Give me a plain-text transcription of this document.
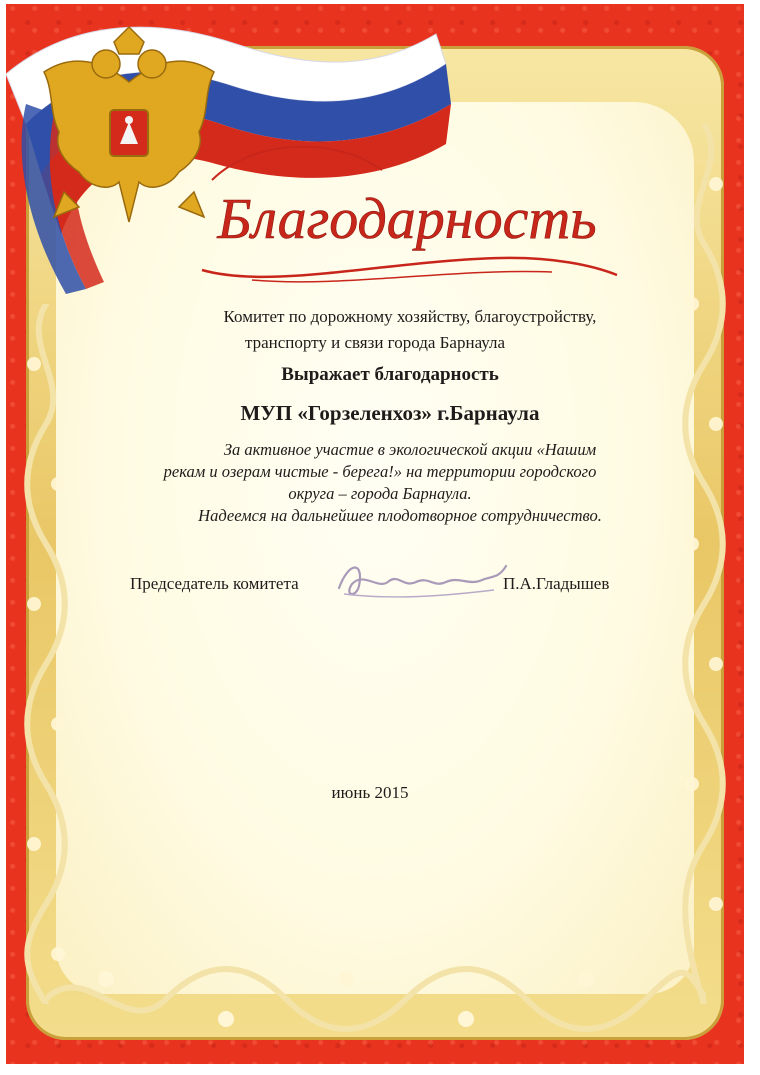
Благодарность
Комитет по дорожному хозяйству, благоустройству,
транспорту и связи города Барнаула
Выражает благодарность
МУП «Горзеленхоз» г.Барнаула
За активное участие в экологической акции «Нашим
рекам и озерам чистые - берега!» на территории городского
округа – города Барнаула.
Надеемся на дальнейшее плодотворное сотрудничество.
Председатель комитета	П.А.Гладышев
июнь 2015
